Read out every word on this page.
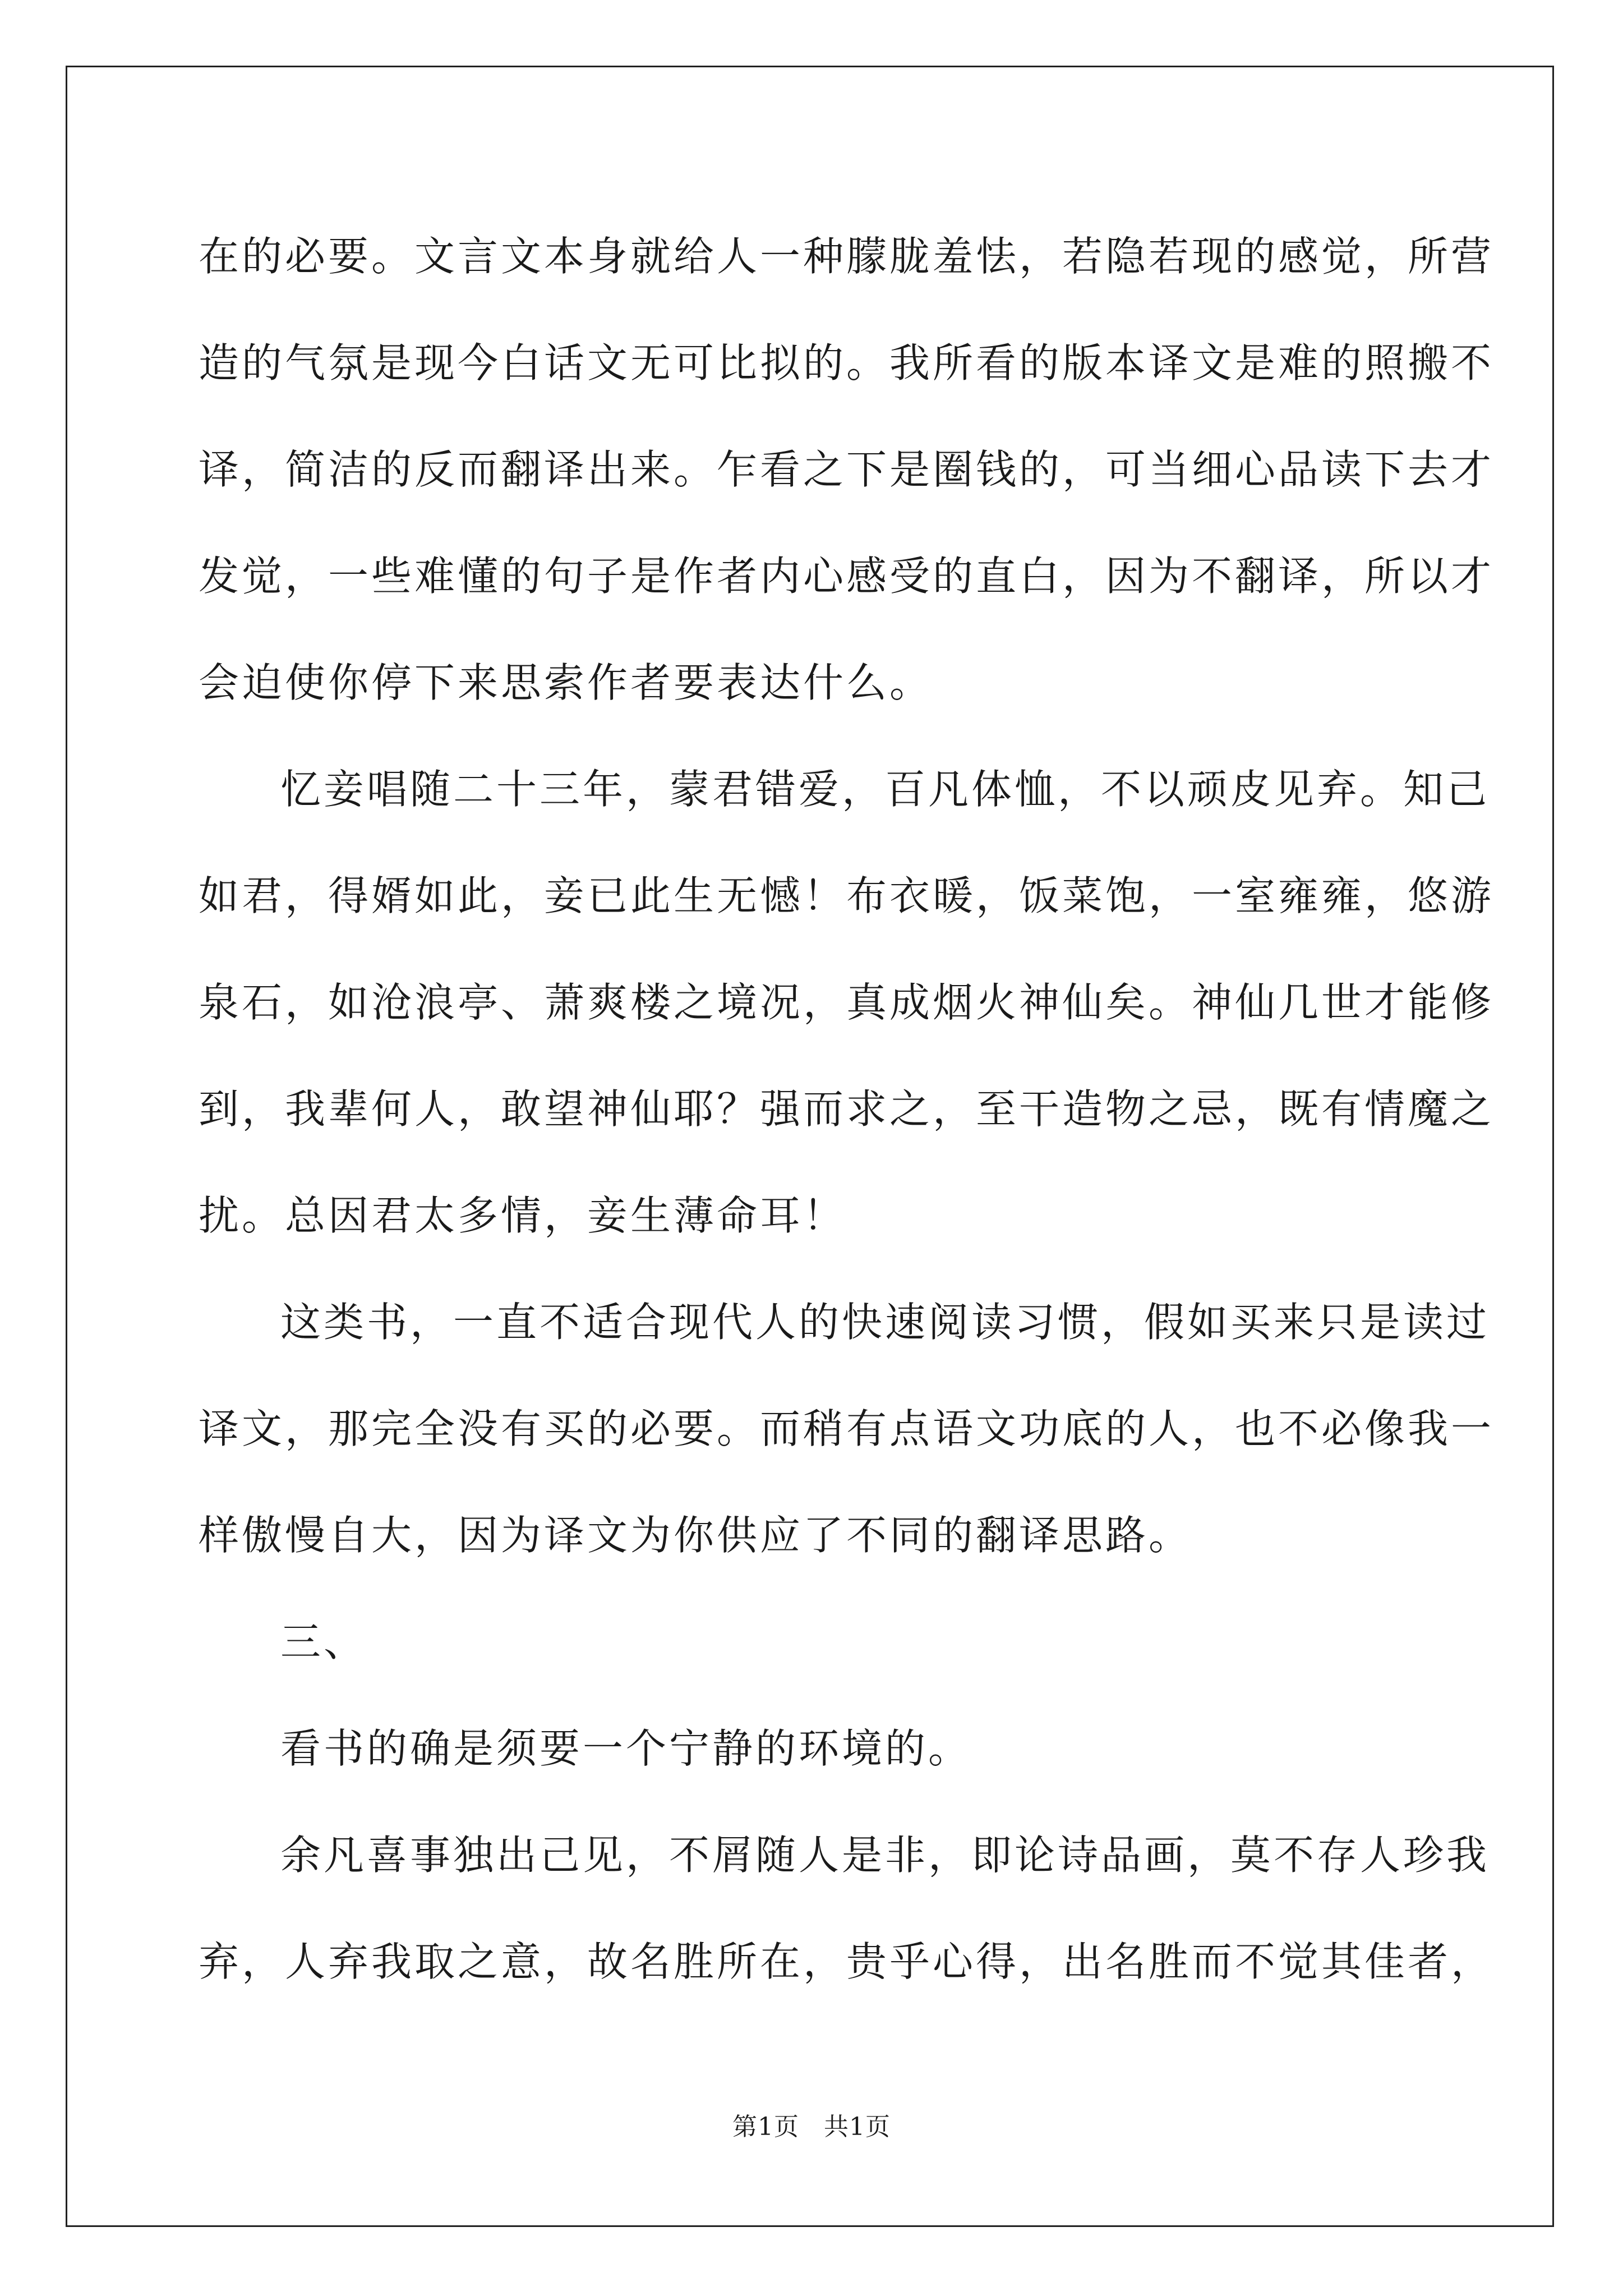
在的必要。文言文本身就给人一种朦胧羞怯，若隐若现的感觉，所营
造的气氛是现今白话文无可比拟的。我所看的版本译文是难的照搬不
译，简洁的反而翻译出来。乍看之下是圈钱的，可当细心品读下去才
发觉，一些难懂的句子是作者内心感受的直白，因为不翻译，所以才
会迫使你停下来思索作者要表达什么。

忆妾唱随二十三年，蒙君错爱，百凡体恤，不以顽皮见弃。知己
如君，得婿如此，妾已此生无憾！布衣暖，饭菜饱，一室雍雍，悠游
泉石，如沧浪亭、萧爽楼之境况，真成烟火神仙矣。神仙几世才能修
到，我辈何人，敢望神仙耶？强而求之，至干造物之忌，既有情魔之
扰。总因君太多情，妾生薄命耳！

这类书，一直不适合现代人的快速阅读习惯，假如买来只是读过
译文，那完全没有买的必要。而稍有点语文功底的人，也不必像我一
样傲慢自大，因为译文为你供应了不同的翻译思路。

三、

看书的确是须要一个宁静的环境的。

余凡喜事独出己见，不屑随人是非，即论诗品画，莫不存人珍我
弃，人弃我取之意，故名胜所在，贵乎心得，出名胜而不觉其佳者，

第1页 共1页
